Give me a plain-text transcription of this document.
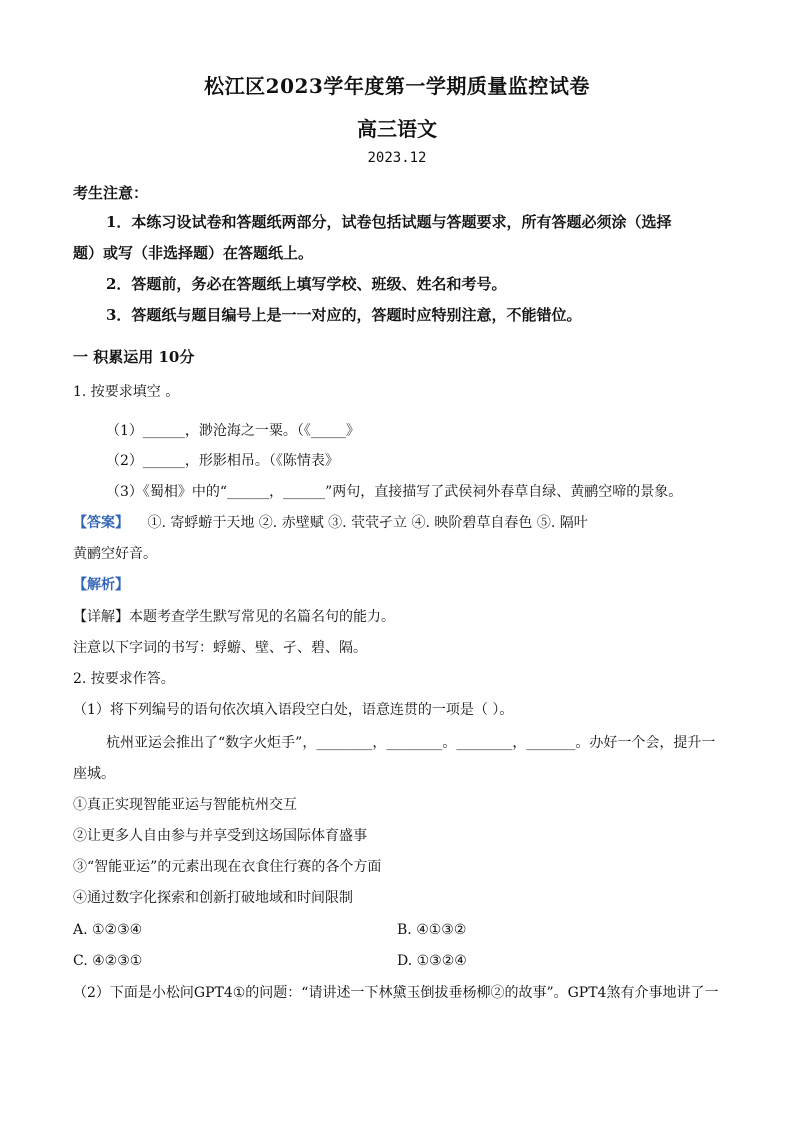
松江区2023学年度第一学期质量监控试卷
高三语文
2023.12
考生注意：
1．本练习设试卷和答题纸两部分，试卷包括试题与答题要求，所有答题必须涂（选择
题）或写（非选择题）在答题纸上。
2．答题前，务必在答题纸上填写学校、班级、姓名和考号。
3．答题纸与题目编号上是一一对应的，答题时应特别注意，不能错位。
一 积累运用 10分
1. 按要求填空 。
（1）______，渺沧海之一粟。（《_____》
（2）______，形影相吊。（《陈情表》
（3）《蜀相》中的“______，______”两句，直接描写了武侯祠外春草自绿、黄鹂空啼的景象。
【答案】 ①. 寄蜉蝣于天地 ②. 赤壁赋 ③. 茕茕孑立 ④. 映阶碧草自春色 ⑤. 隔叶
黄鹂空好音。
【解析】
【详解】本题考查学生默写常见的名篇名句的能力。
注意以下字词的书写：蜉蝣、壁、孑、碧、隔。
2. 按要求作答。
（1）将下列编号的语句依次填入语段空白处，语意连贯的一项是（ ）。
杭州亚运会推出了“数字火炬手”，________，________。________，_______。办好一个会，提升一
座城。
①真正实现智能亚运与智能杭州交互
②让更多人自由参与并享受到这场国际体育盛事
③“智能亚运”的元素出现在衣食住行赛的各个方面
④通过数字化探索和创新打破地域和时间限制
A. ①②③④	B. ④①③②
C. ④②③①	D. ①③②④
（2）下面是小松问GPT4①的问题：“请讲述一下林黛玉倒拔垂杨柳②的故事”。GPT4煞有介事地讲了一
